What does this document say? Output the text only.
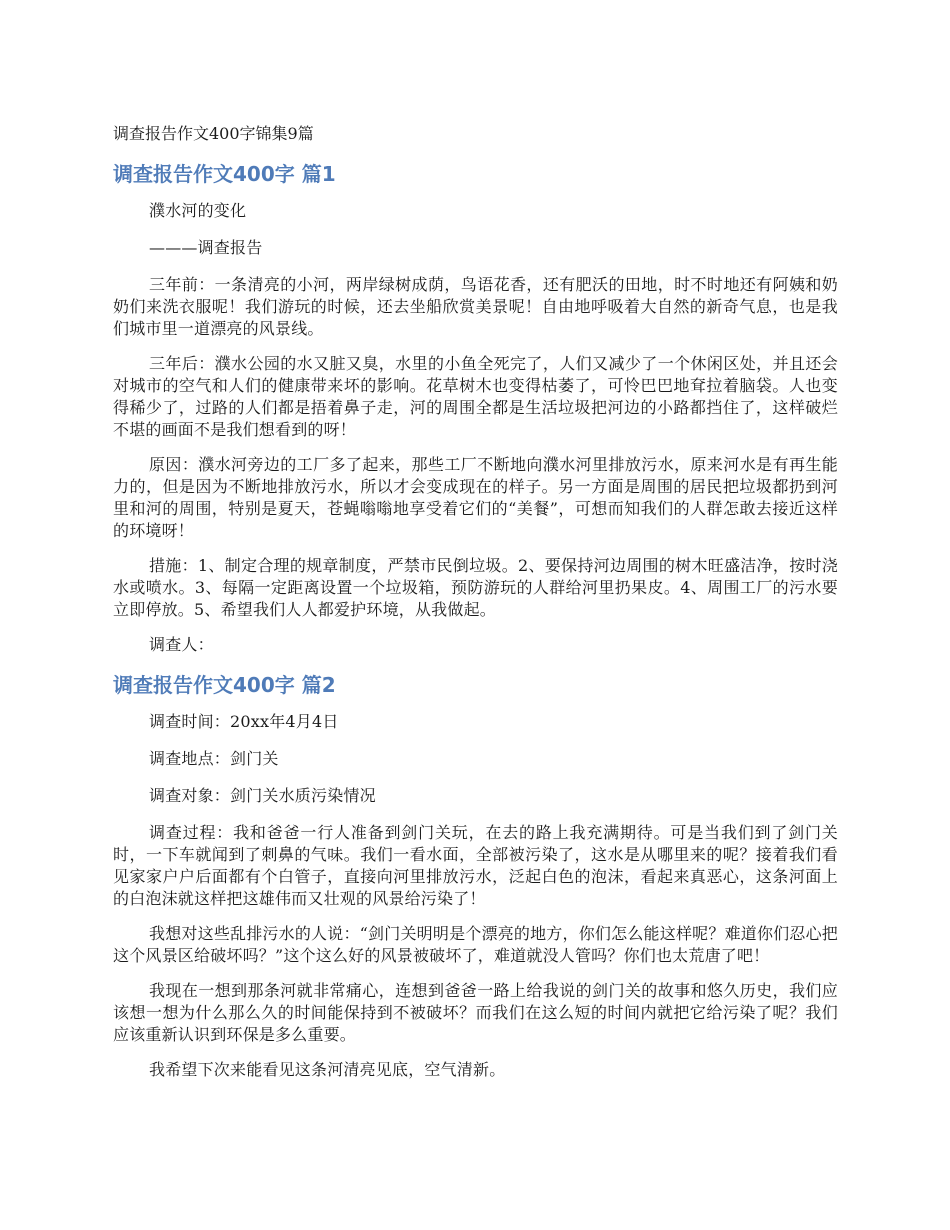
调查报告作文400字锦集9篇
调查报告作文400字 篇1

濮水河的变化

———调查报告

三年前：一条清亮的小河，两岸绿树成荫，鸟语花香，还有肥沃的田地，时不时地还有阿姨和奶奶们来洗衣服呢！我们游玩的时候，还去坐船欣赏美景呢！自由地呼吸着大自然的新奇气息，也是我们城市里一道漂亮的风景线。

三年后：濮水公园的水又脏又臭，水里的小鱼全死完了，人们又减少了一个休闲区处，并且还会对城市的空气和人们的健康带来坏的影响。花草树木也变得枯萎了，可怜巴巴地耷拉着脑袋。人也变得稀少了，过路的人们都是捂着鼻子走，河的周围全都是生活垃圾把河边的小路都挡住了，这样破烂不堪的画面不是我们想看到的呀！

原因：濮水河旁边的工厂多了起来，那些工厂不断地向濮水河里排放污水，原来河水是有再生能力的，但是因为不断地排放污水，所以才会变成现在的样子。另一方面是周围的居民把垃圾都扔到河里和河的周围，特别是夏天，苍蝇嗡嗡地享受着它们的“美餐”，可想而知我们的人群怎敢去接近这样的环境呀！

措施：1、制定合理的规章制度，严禁市民倒垃圾。2、要保持河边周围的树木旺盛洁净，按时浇水或喷水。3、每隔一定距离设置一个垃圾箱，预防游玩的人群给河里扔果皮。4、周围工厂的污水要立即停放。5、希望我们人人都爱护环境，从我做起。

调查人：

调查报告作文400字 篇2

调查时间：20xx年4月4日

调查地点：剑门关

调查对象：剑门关水质污染情况

调查过程：我和爸爸一行人准备到剑门关玩，在去的路上我充满期待。可是当我们到了剑门关时，一下车就闻到了刺鼻的气味。我们一看水面，全部被污染了，这水是从哪里来的呢？接着我们看见家家户户后面都有个白管子，直接向河里排放污水，泛起白色的泡沫，看起来真恶心，这条河面上的白泡沫就这样把这雄伟而又壮观的风景给污染了！

我想对这些乱排污水的人说：“剑门关明明是个漂亮的地方，你们怎么能这样呢？难道你们忍心把这个风景区给破坏吗？”这个这么好的风景被破坏了，难道就没人管吗？你们也太荒唐了吧！

我现在一想到那条河就非常痛心，连想到爸爸一路上给我说的剑门关的故事和悠久历史，我们应该想一想为什么那么久的时间能保持到不被破坏？而我们在这么短的时间内就把它给污染了呢？我们应该重新认识到环保是多么重要。

我希望下次来能看见这条河清亮见底，空气清新。
